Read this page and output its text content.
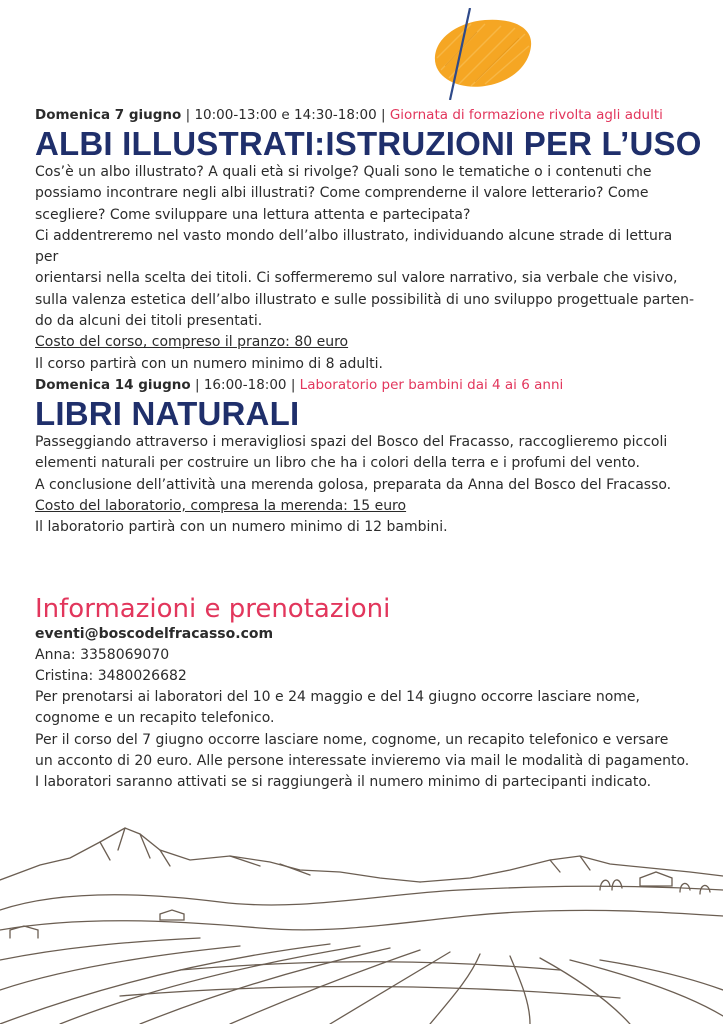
Domenica 7 giugno | 10:00-13:00 e 14:30-18:00 | Giornata di formazione rivolta agli adulti
ALBI ILLUSTRATI:ISTRUZIONI PER L’USO

Cos’è un albo illustrato? A quali età si rivolge? Quali sono le tematiche o i contenuti che
possiamo incontrare negli albi illustrati? Come comprenderne il valore letterario? Come
scegliere? Come sviluppare una lettura attenta e partecipata?
Ci addentreremo nel vasto mondo dell’albo illustrato, individuando alcune strade di lettura per
orientarsi nella scelta dei titoli. Ci soffermeremo sul valore narrativo, sia verbale che visivo,
sulla valenza estetica dell’albo illustrato e sulle possibilità di uno sviluppo progettuale parten-
do da alcuni dei titoli presentati.
Costo del corso, compreso il pranzo: 80 euro
Il corso partirà con un numero minimo di 8 adulti.

Domenica 14 giugno | 16:00-18:00 | Laboratorio per bambini dai 4 ai 6 anni
LIBRI NATURALI

Passeggiando attraverso i meravigliosi spazi del Bosco del Fracasso, raccoglieremo piccoli
elementi naturali per costruire un libro che ha i colori della terra e i profumi del vento.
A conclusione dell’attività una merenda golosa, preparata da Anna del Bosco del Fracasso.
Costo del laboratorio, compresa la merenda: 15 euro
Il laboratorio partirà con un numero minimo di 12 bambini.

Informazioni e prenotazioni
eventi@boscodelfracasso.com

Anna: 3358069070
Cristina: 3480026682
Per prenotarsi ai laboratori del 10 e 24 maggio e del 14 giugno occorre lasciare nome,
cognome e un recapito telefonico.
Per il corso del 7 giugno occorre lasciare nome, cognome, un recapito telefonico e versare
un acconto di 20 euro. Alle persone interessate invieremo via mail le modalità di pagamento.
I laboratori saranno attivati se si raggiungerà il numero minimo di partecipanti indicato.
